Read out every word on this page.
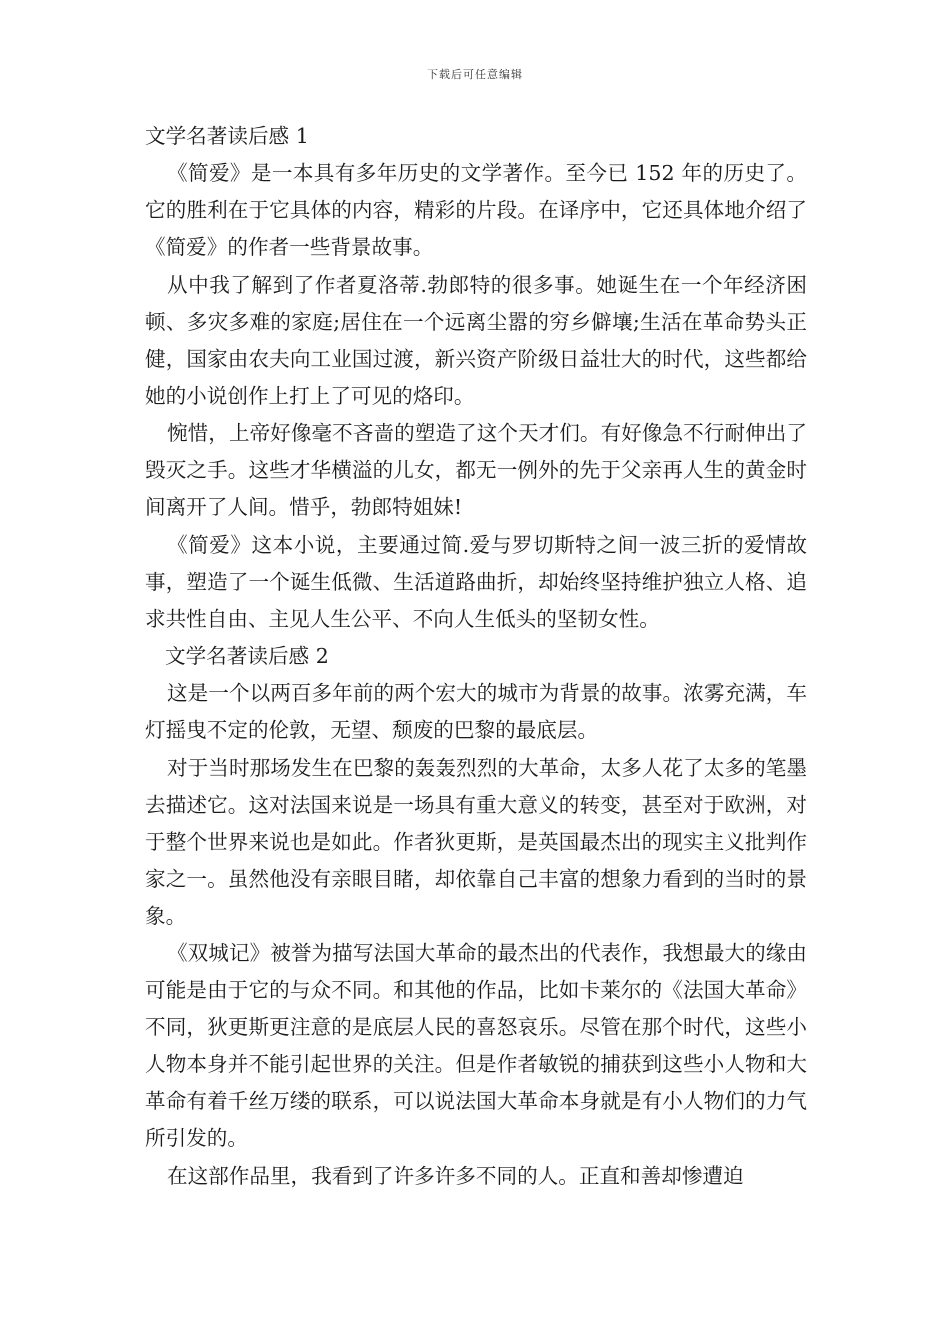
下载后可任意编辑
文学名著读后感 1

《简爱》是一本具有多年历史的文学著作。至今已 152 年的历史了。它的胜利在于它具体的内容，精彩的片段。在译序中，它还具体地介绍了《简爱》的作者一些背景故事。

从中我了解到了作者夏洛蒂.勃郎特的很多事。她诞生在一个年经济困顿、多灾多难的家庭;居住在一个远离尘嚣的穷乡僻壤;生活在革命势头正健，国家由农夫向工业国过渡，新兴资产阶级日益壮大的时代，这些都给她的小说创作上打上了可见的烙印。

惋惜，上帝好像毫不吝啬的塑造了这个天才们。有好像急不行耐伸出了毁灭之手。这些才华横溢的儿女，都无一例外的先于父亲再人生的黄金时间离开了人间。惜乎，勃郎特姐妹!

《简爱》这本小说，主要通过简.爱与罗切斯特之间一波三折的爱情故事，塑造了一个诞生低微、生活道路曲折，却始终坚持维护独立人格、追求共性自由、主见人生公平、不向人生低头的坚韧女性。

文学名著读后感 2

这是一个以两百多年前的两个宏大的城市为背景的故事。浓雾充满，车灯摇曳不定的伦敦，无望、颓废的巴黎的最底层。

对于当时那场发生在巴黎的轰轰烈烈的大革命，太多人花了太多的笔墨去描述它。这对法国来说是一场具有重大意义的转变，甚至对于欧洲，对于整个世界来说也是如此。作者狄更斯，是英国最杰出的现实主义批判作家之一。虽然他没有亲眼目睹，却依靠自己丰富的想象力看到的当时的景象。

《双城记》被誉为描写法国大革命的最杰出的代表作，我想最大的缘由可能是由于它的与众不同。和其他的作品，比如卡莱尔的《法国大革命》不同，狄更斯更注意的是底层人民的喜怒哀乐。尽管在那个时代，这些小人物本身并不能引起世界的关注。但是作者敏锐的捕获到这些小人物和大革命有着千丝万缕的联系，可以说法国大革命本身就是有小人物们的力气所引发的。

在这部作品里，我看到了许多许多不同的人。正直和善却惨遭迫
